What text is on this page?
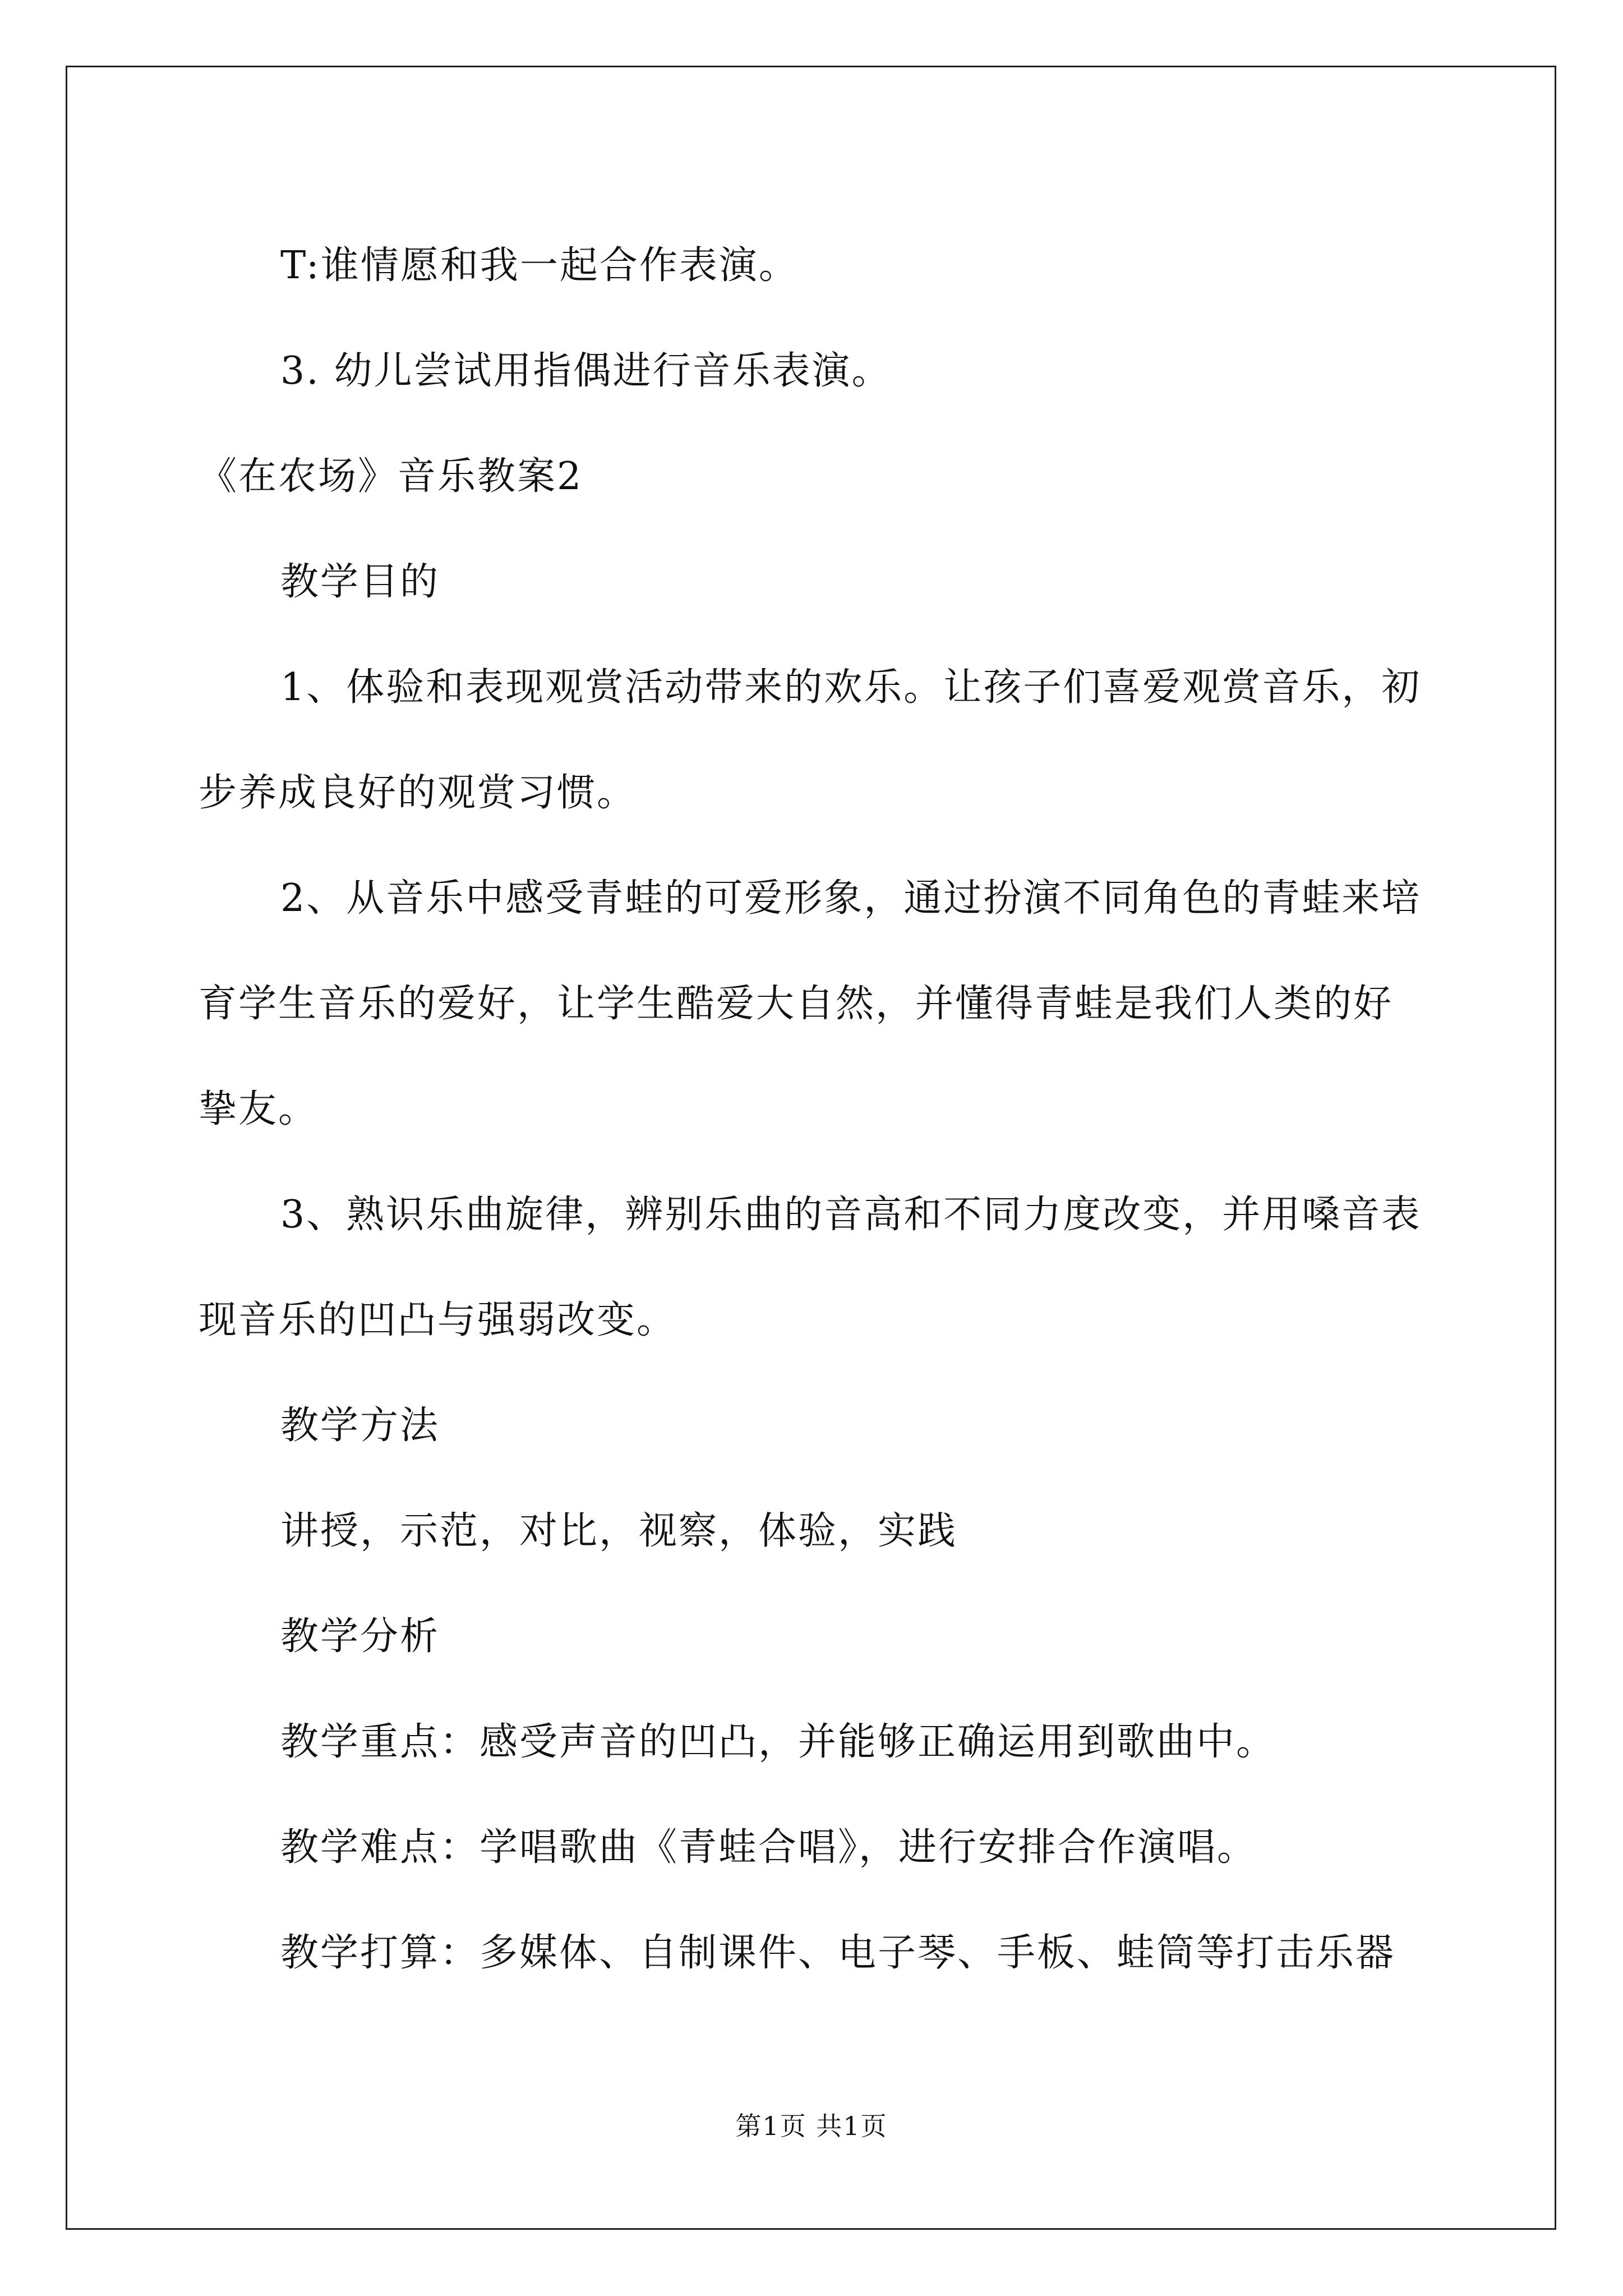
T:谁情愿和我一起合作表演。

3. 幼儿尝试用指偶进行音乐表演。

《在农场》音乐教案2

教学目的

1、体验和表现观赏活动带来的欢乐。让孩子们喜爱观赏音乐，初步养成良好的观赏习惯。

2、从音乐中感受青蛙的可爱形象，通过扮演不同角色的青蛙来培育学生音乐的爱好，让学生酷爱大自然，并懂得青蛙是我们人类的好挚友。

3、熟识乐曲旋律，辨别乐曲的音高和不同力度改变，并用嗓音表现音乐的凹凸与强弱改变。

教学方法

讲授，示范，对比，视察，体验，实践

教学分析

教学重点：感受声音的凹凸，并能够正确运用到歌曲中。

教学难点：学唱歌曲《青蛙合唱》，进行安排合作演唱。

教学打算：多媒体、自制课件、电子琴、手板、蛙筒等打击乐器

第1页 共1页
